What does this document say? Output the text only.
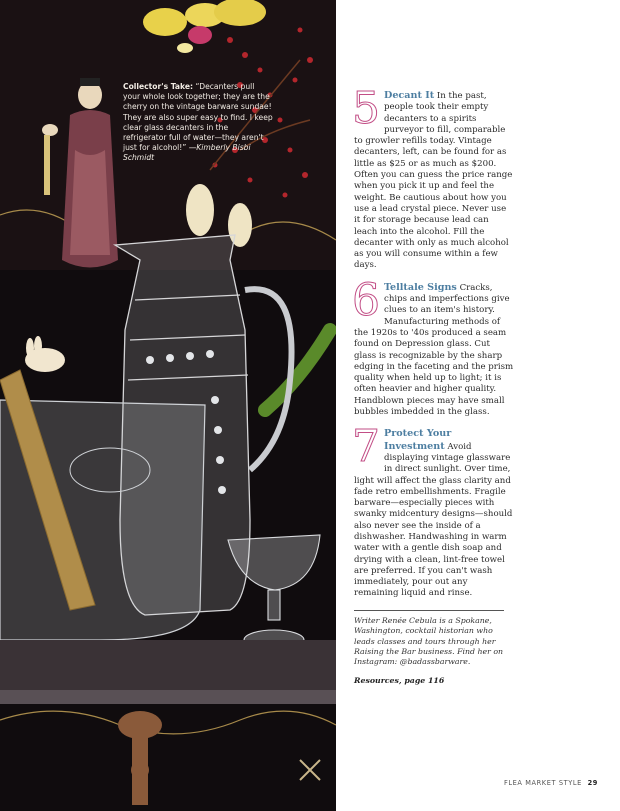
Collector's Take: “Decanters pull your whole look together; they are the cherry on the vintage barware sundae! They are also super easy to find. I keep clear glass decanters in the refrigerator full of water—they aren't just for alcohol!” —Kimberly Bisbi Schmidt

5 Decant It In the past, people took their empty decanters to a spirits purveyor to fill, comparable to growler refills today. Vintage decanters, left, can be found for as little as $25 or as much as $200. Often you can guess the price range when you pick it up and feel the weight. Be cautious about how you use a lead crystal piece. Never use it for storage because lead can leach into the alcohol. Fill the decanter with only as much alcohol as you will consume within a few days.

6 Telltale Signs Cracks, chips and imperfections give clues to an item's history. Manufacturing methods of the 1920s to '40s produced a seam found on Depression glass. Cut glass is recognizable by the sharp edging in the faceting and the prism quality when held up to light; it is often heavier and higher quality. Handblown pieces may have small bubbles imbedded in the glass.

7 Protect Your Investment Avoid displaying vintage glassware in direct sunlight. Over time, light will affect the glass clarity and fade retro embellishments. Fragile barware—especially pieces with swanky midcentury designs—should also never see the inside of a dishwasher. Handwashing in warm water with a gentle dish soap and drying with a clean, lint-free towel are preferred. If you can't wash immediately, pour out any remaining liquid and rinse.

Writer Renée Cebula is a Spokane, Washington, cocktail historian who leads classes and tours through her Raising the Bar business. Find her on Instagram: @badassbarware.

Resources, page 116

FLEA MARKET STYLE 29
